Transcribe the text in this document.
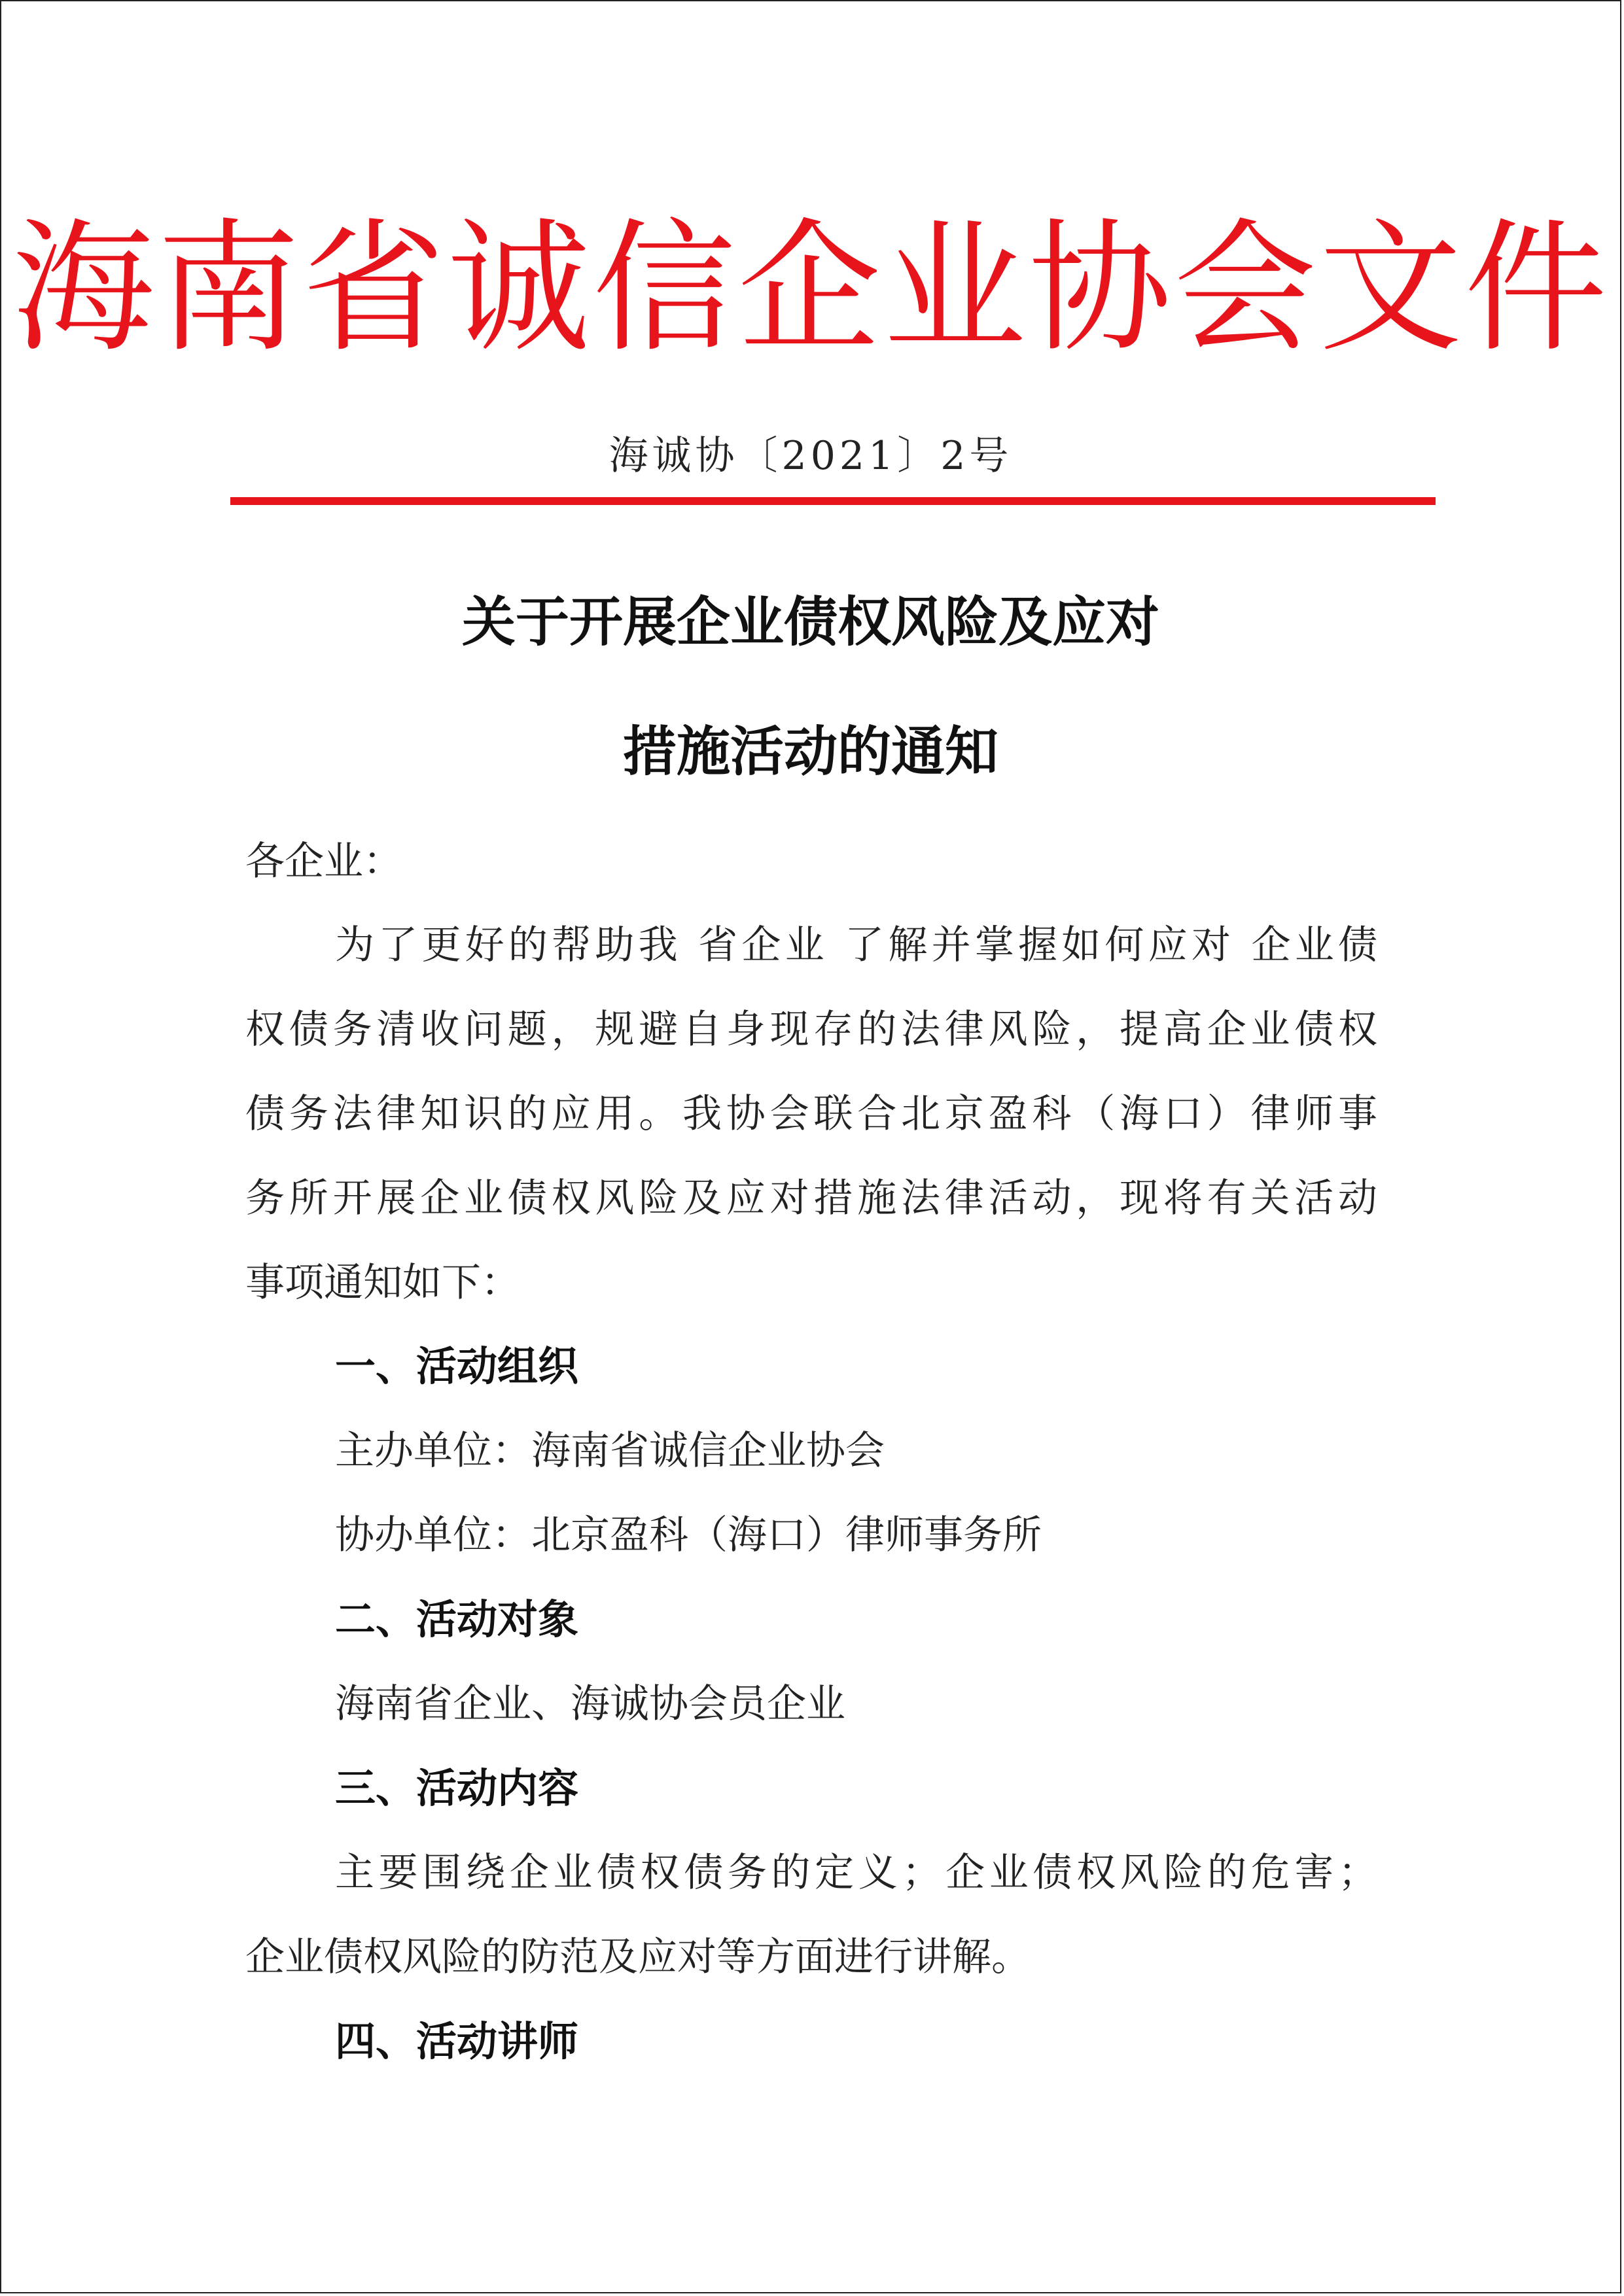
海南省诚信企业协会文件
海诚协〔2021〕2号
关于开展企业债权风险及应对
措施活动的通知
各企业：
为了更好的帮助我 省企业 了解并掌握如何应对 企业债
权债务清收问题，规避自身现存的法律风险，提高企业债权
债务法律知识的应用。我协会联合北京盈科（海口）律师事
务所开展企业债权风险及应对措施法律活动，现将有关活动
事项通知如下：
一、活动组织
主办单位：海南省诚信企业协会
协办单位：北京盈科（海口）律师事务所
二、活动对象
海南省企业、海诚协会员企业
三、活动内容
主要围绕企业债权债务的定义；企业债权风险的危害；
企业债权风险的防范及应对等方面进行讲解。
四、活动讲师
